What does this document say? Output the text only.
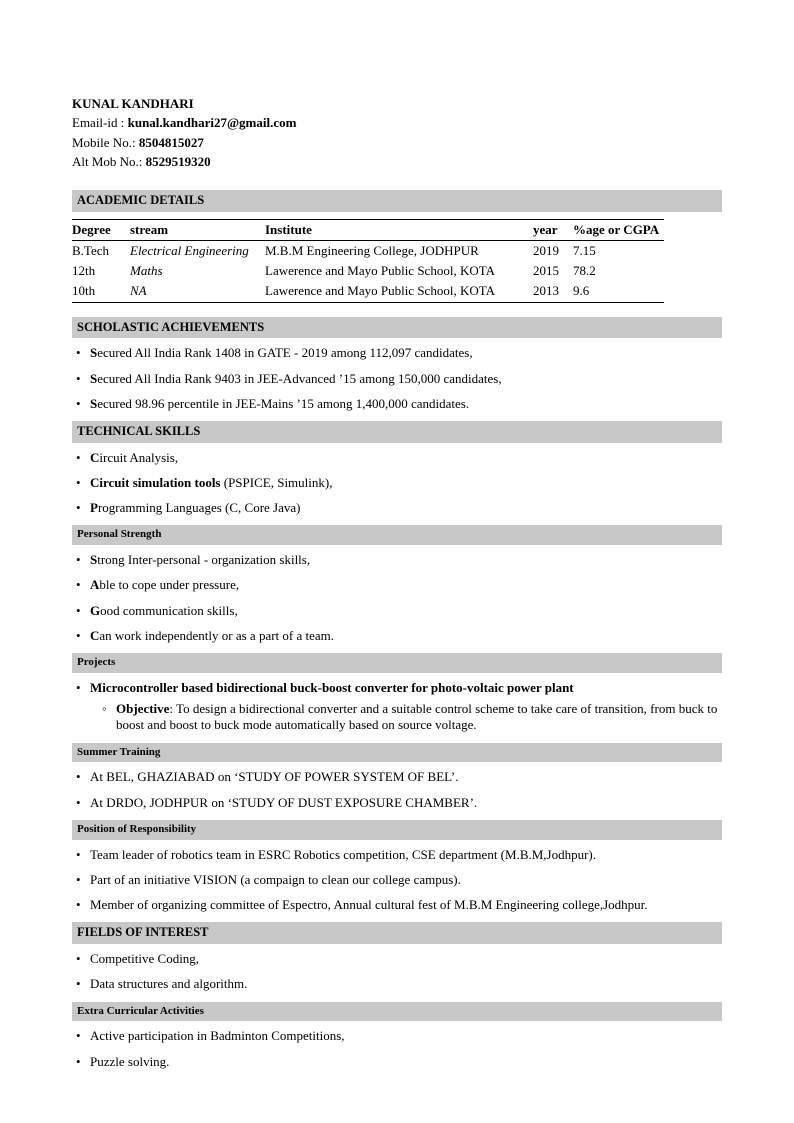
KUNAL KANDHARI
Email-id : kunal.kandhari27@gmail.com
Mobile No.: 8504815027
Alt Mob No.: 8529519320
ACADEMIC DETAILS
Degree	stream	Institute	year	%age or CGPA
B.Tech	Electrical Engineering	M.B.M Engineering College, JODHPUR	2019	7.15
12th	Maths	Lawerence and Mayo Public School, KOTA	2015	78.2
10th	NA	Lawerence and Mayo Public School, KOTA	2013	9.6
SCHOLASTIC ACHIEVEMENTS
• Secured All India Rank 1408 in GATE - 2019 among 112,097 candidates,
• Secured All India Rank 9403 in JEE-Advanced ’15 among 150,000 candidates,
• Secured 98.96 percentile in JEE-Mains ’15 among 1,400,000 candidates.
TECHNICAL SKILLS
• Circuit Analysis,
• Circuit simulation tools (PSPICE, Simulink),
• Programming Languages (C, Core Java)
Personal Strength
• Strong Inter-personal - organization skills,
• Able to cope under pressure,
• Good communication skills,
• Can work independently or as a part of a team.
Projects
• Microcontroller based bidirectional buck-boost converter for photo-voltaic power plant
◦ Objective: To design a bidirectional converter and a suitable control scheme to take care of transition, from buck to boost and boost to buck mode automatically based on source voltage.
Summer Training
• At BEL, GHAZIABAD on ‘STUDY OF POWER SYSTEM OF BEL’.
• At DRDO, JODHPUR on ‘STUDY OF DUST EXPOSURE CHAMBER’.
Position of Responsibility
• Team leader of robotics team in ESRC Robotics competition, CSE department (M.B.M,Jodhpur).
• Part of an initiative VISION (a compaign to clean our college campus).
• Member of organizing committee of Espectro, Annual cultural fest of M.B.M Engineering college,Jodhpur.
FIELDS OF INTEREST
• Competitive Coding,
• Data structures and algorithm.
Extra Curricular Activities
• Active participation in Badminton Competitions,
• Puzzle solving.
